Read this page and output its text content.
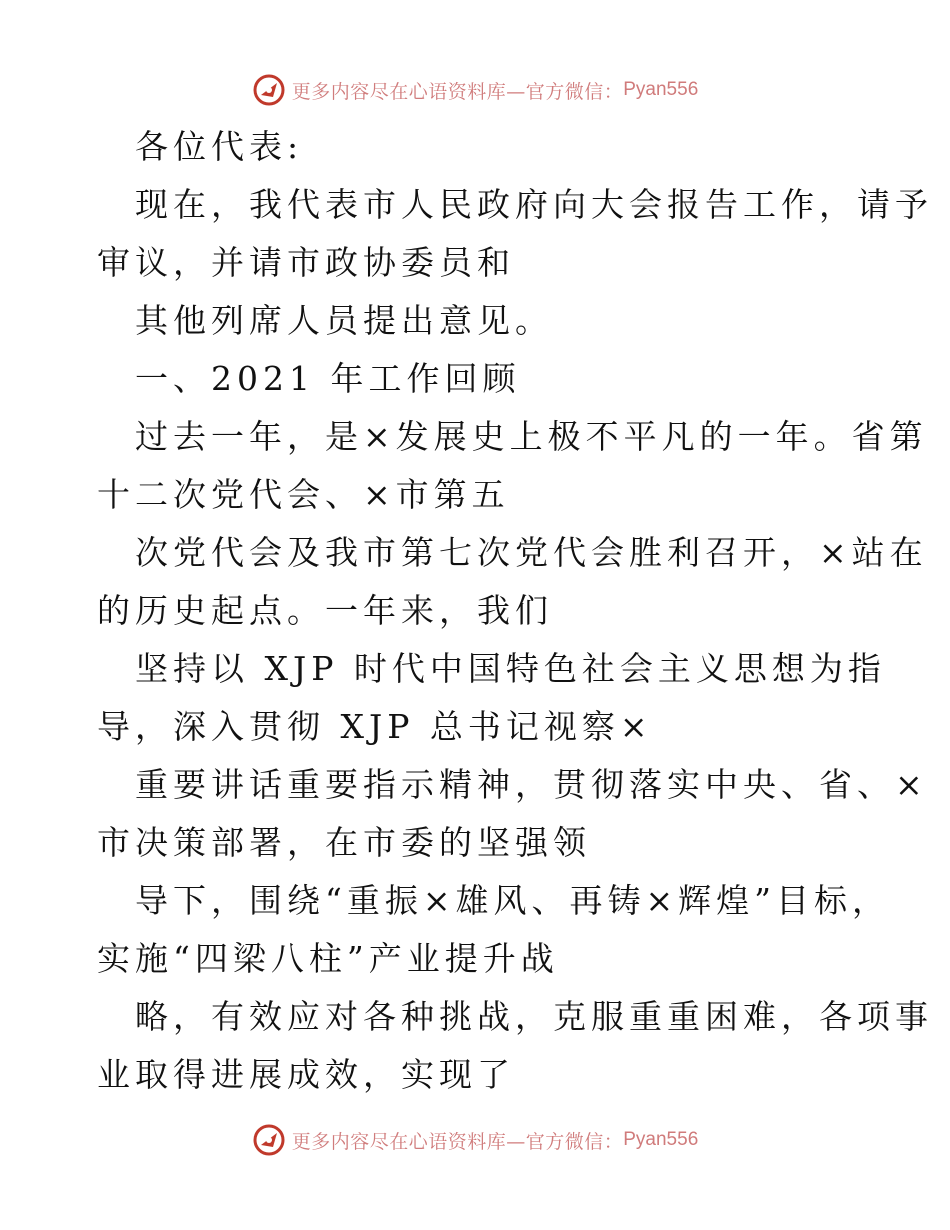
更多内容尽在心语资料库—官方微信： Pyan556
各位代表:
现在，我代表市人民政府向大会报告工作，请予
审议，并请市政协委员和
其他列席人员提出意见。
一、2021 年工作回顾
过去一年，是×发展史上极不平凡的一年。省第
十二次党代会、×市第五
次党代会及我市第七次党代会胜利召开，×站在
的历史起点。一年来，我们
坚持以 XJP 时代中国特色社会主义思想为指
导，深入贯彻 XJP 总书记视察×
重要讲话重要指示精神，贯彻落实中央、省、×
市决策部署，在市委的坚强领
导下，围绕“重振×雄风、再铸×辉煌”目标，
实施“四梁八柱”产业提升战
略，有效应对各种挑战，克服重重困难，各项事
业取得进展成效，实现了
更多内容尽在心语资料库—官方微信： Pyan556
